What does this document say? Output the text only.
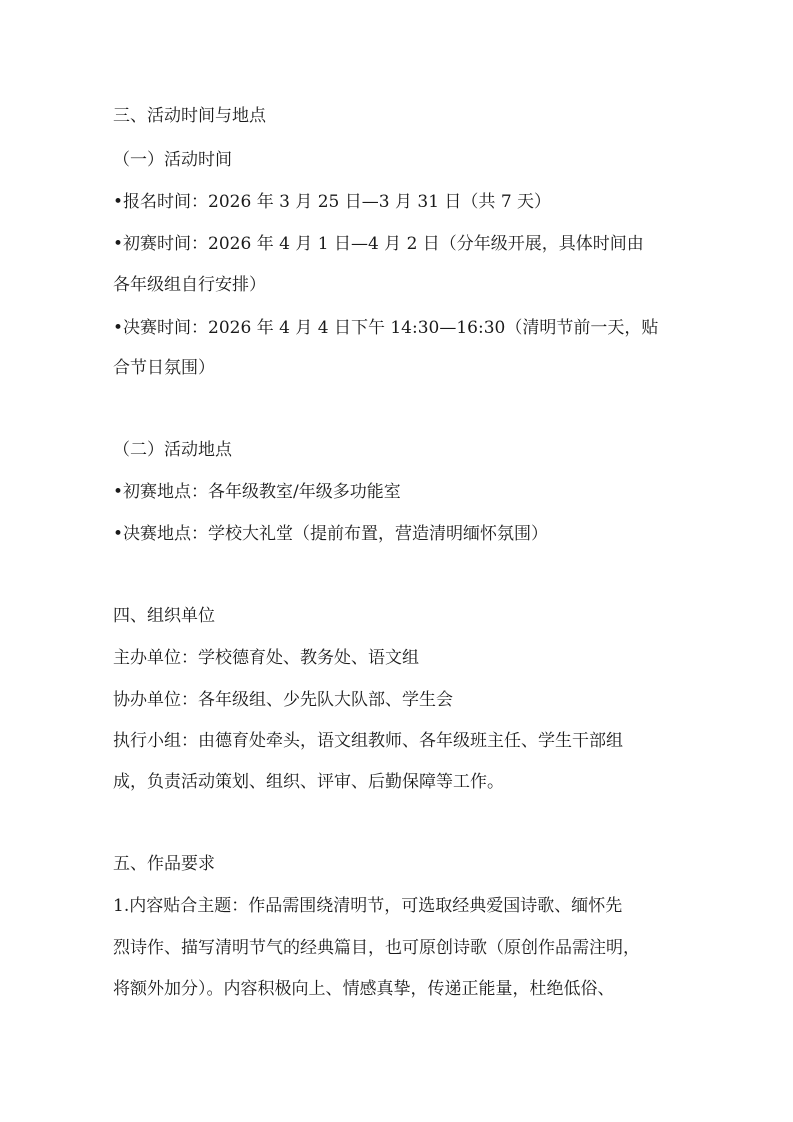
三、活动时间与地点

（一）活动时间

•报名时间：2026 年 3 月 25 日—3 月 31 日（共 7 天）

•初赛时间：2026 年 4 月 1 日—4 月 2 日（分年级开展，具体时间由

各年级组自行安排）

•决赛时间：2026 年 4 月 4 日下午 14:30—16:30（清明节前一天，贴

合节日氛围）

（二）活动地点

•初赛地点：各年级教室/年级多功能室

•决赛地点：学校大礼堂（提前布置，营造清明缅怀氛围）

四、组织单位

主办单位：学校德育处、教务处、语文组

协办单位：各年级组、少先队大队部、学生会

执行小组：由德育处牵头，语文组教师、各年级班主任、学生干部组

成，负责活动策划、组织、评审、后勤保障等工作。

五、作品要求

1.内容贴合主题：作品需围绕清明节，可选取经典爱国诗歌、缅怀先

烈诗作、描写清明节气的经典篇目，也可原创诗歌（原创作品需注明，

将额外加分）。内容积极向上、情感真挚，传递正能量，杜绝低俗、
